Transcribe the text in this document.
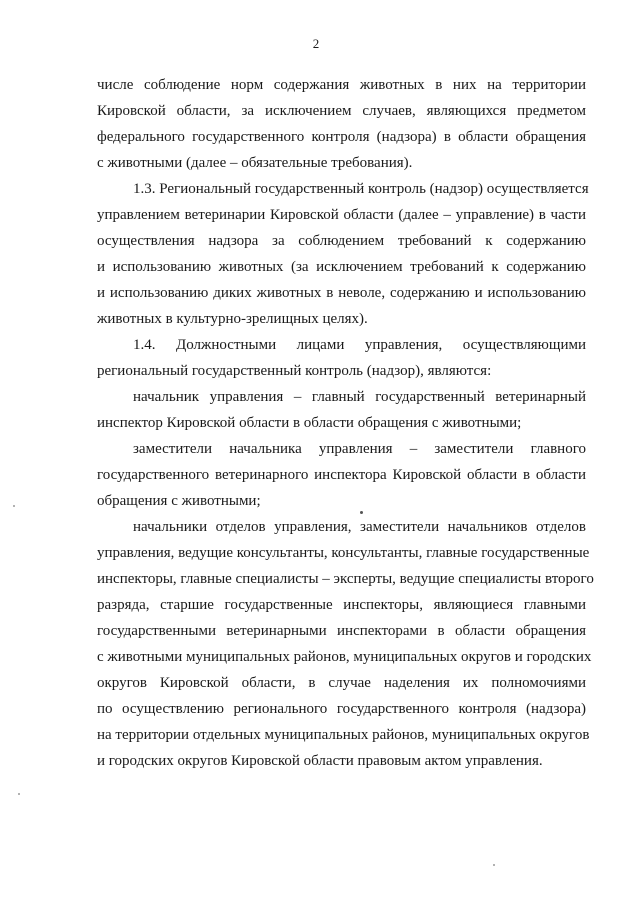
2
числе соблюдение норм содержания животных в них на территории
Кировской области, за исключением случаев, являющихся предметом
федерального государственного контроля (надзора) в области обращения
с животными (далее – обязательные требования).
1.3. Региональный государственный контроль (надзор) осуществляется
управлением ветеринарии Кировской области (далее – управление) в части
осуществления надзора за соблюдением требований к содержанию
и использованию животных (за исключением требований к содержанию
и использованию диких животных в неволе, содержанию и использованию
животных в культурно-зрелищных целях).
1.4. Должностными лицами управления, осуществляющими
региональный государственный контроль (надзор), являются:
начальник управления – главный государственный ветеринарный
инспектор Кировской области в области обращения с животными;
заместители начальника управления – заместители главного
государственного ветеринарного инспектора Кировской области в области
обращения с животными;
начальники отделов управления, заместители начальников отделов
управления, ведущие консультанты, консультанты, главные государственные
инспекторы, главные специалисты – эксперты, ведущие специалисты второго
разряда, старшие государственные инспекторы, являющиеся главными
государственными ветеринарными инспекторами в области обращения
с животными муниципальных районов, муниципальных округов и городских
округов Кировской области, в случае наделения их полномочиями
по осуществлению регионального государственного контроля (надзора)
на территории отдельных муниципальных районов, муниципальных округов
и городских округов Кировской области правовым актом управления.
